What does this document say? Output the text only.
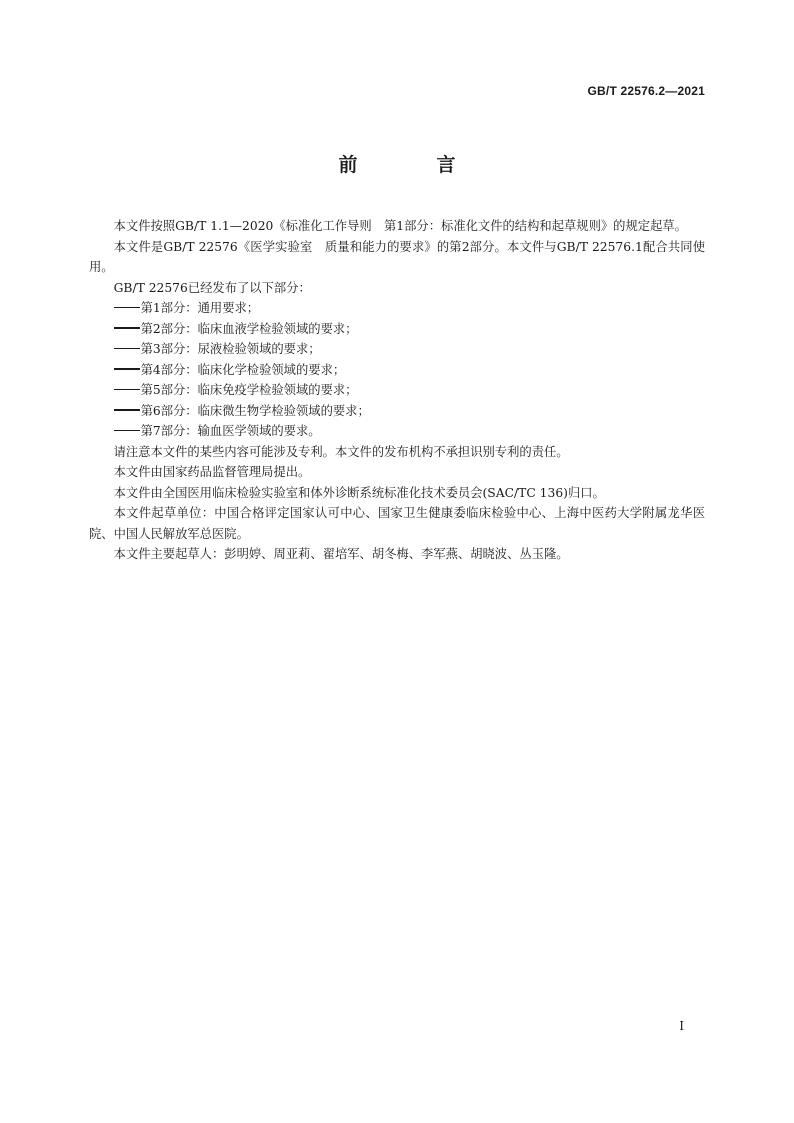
GB/T 22576.2—2021
前　言

本文件按照GB/T 1.1—2020《标准化工作导则　第1部分：标准化文件的结构和起草规则》的规定起草。

本文件是GB/T 22576《医学实验室　质量和能力的要求》的第2部分。本文件与GB/T 22576.1配合共同使用。

GB/T 22576已经发布了以下部分：

第1部分：通用要求；

第2部分：临床血液学检验领域的要求；

第3部分：尿液检验领域的要求；

第4部分：临床化学检验领域的要求；

第5部分：临床免疫学检验领域的要求；

第6部分：临床微生物学检验领域的要求；

第7部分：输血医学领域的要求。

请注意本文件的某些内容可能涉及专利。本文件的发布机构不承担识别专利的责任。

本文件由国家药品监督管理局提出。

本文件由全国医用临床检验实验室和体外诊断系统标准化技术委员会(SAC/TC 136)归口。

本文件起草单位：中国合格评定国家认可中心、国家卫生健康委临床检验中心、上海中医药大学附属龙华医院、中国人民解放军总医院。

本文件主要起草人：彭明婷、周亚莉、翟培军、胡冬梅、李军燕、胡晓波、丛玉隆。

I
